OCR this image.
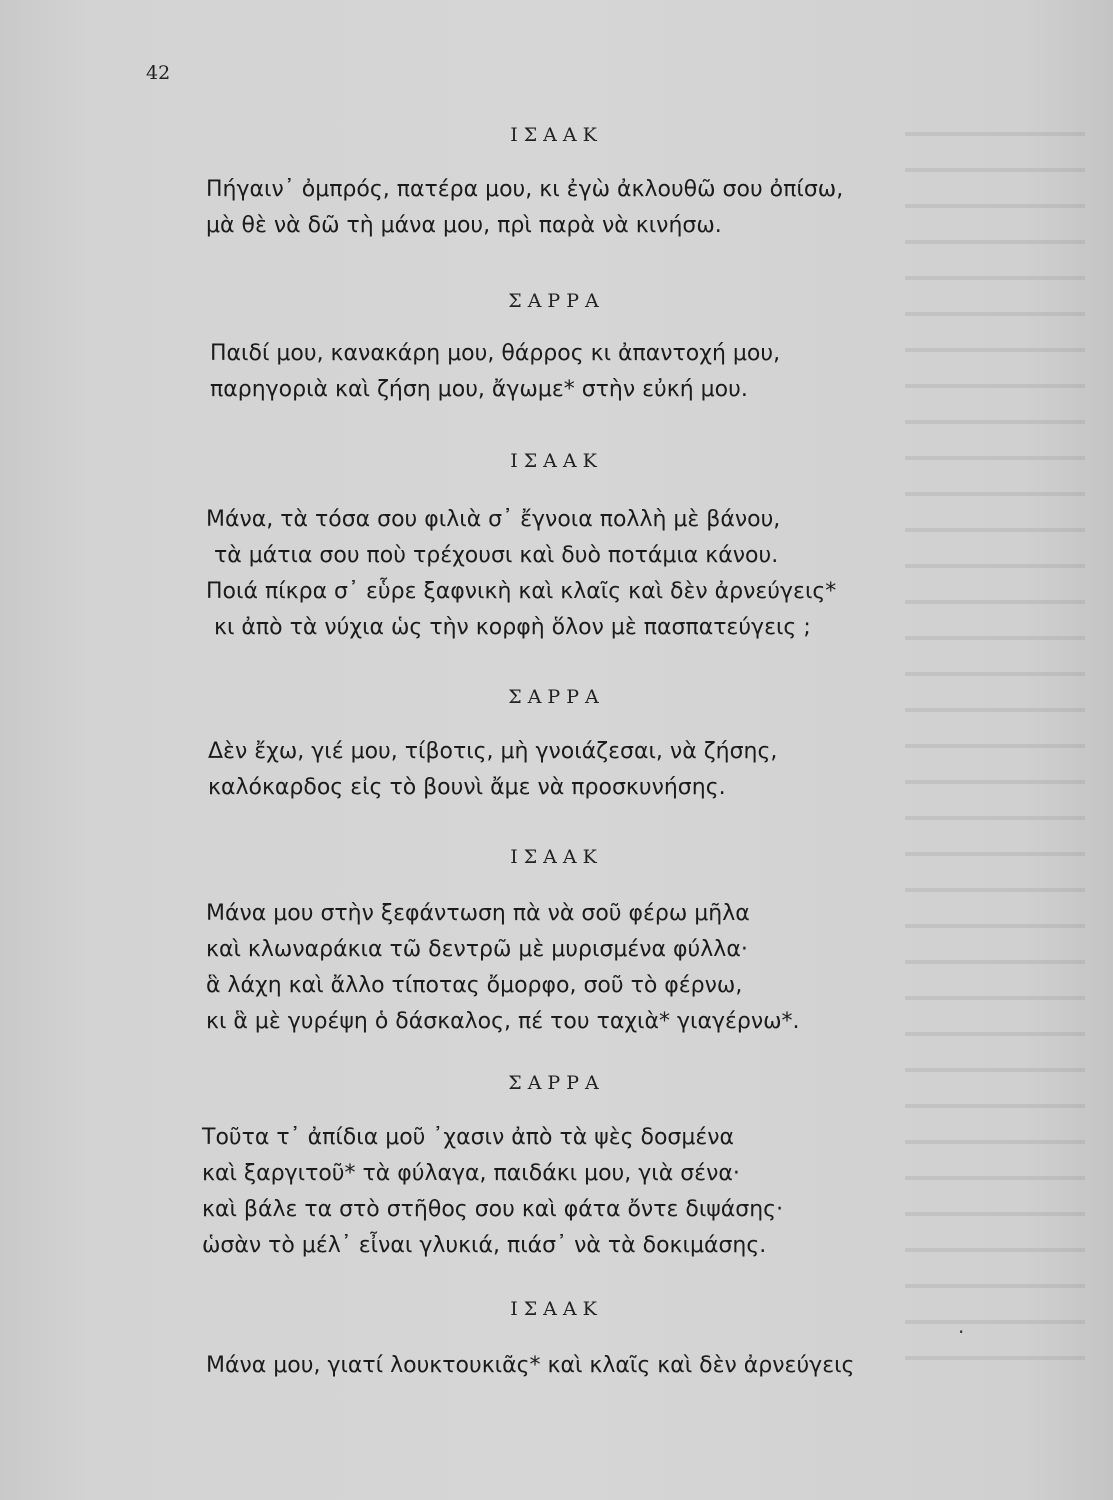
42
ΙΣΑΑΚ
Πήγαιν᾿ ὀμπρός, πατέρα μου, κι ἐγὼ ἀκλουθῶ σου ὀπίσω,
μὰ θὲ νὰ δῶ τὴ μάνα μου, πρὶ παρὰ νὰ κινήσω.
ΣΑΡΡΑ
Παιδί μου, κανακάρη μου, θάρρος κι ἀπαντοχή μου,
παρηγοριὰ καὶ ζήση μου, ἄγωμε* στὴν εὐκή μου.
ΙΣΑΑΚ
Μάνα, τὰ τόσα σου φιλιὰ σ᾿ ἔγνοια πολλὴ μὲ βάνου,
τὰ μάτια σου ποὺ τρέχουσι καὶ δυὸ ποτάμια κάνου.
Ποιά πίκρα σ᾿ εὗρε ξαφνικὴ καὶ κλαῖς καὶ δὲν ἀρνεύγεις*
κι ἀπὸ τὰ νύχια ὡς τὴν κορφὴ ὅλον μὲ πασπατεύγεις ;
ΣΑΡΡΑ
Δὲν ἔχω, γιέ μου, τίβοτις, μὴ γνοιάζεσαι, νὰ ζήσης,
καλόκαρδος εἰς τὸ βουνὶ ἄμε νὰ προσκυνήσης.
ΙΣΑΑΚ
Μάνα μου στὴν ξεφάντωση πὰ νὰ σοῦ φέρω μῆλα
καὶ κλωναράκια τῶ δεντρῶ μὲ μυρισμένα φύλλα·
ἃ λάχη καὶ ἄλλο τίποτας ὄμορφο, σοῦ τὸ φέρνω,
κι ἃ μὲ γυρέψη ὁ δάσκαλος, πέ του ταχιὰ* γιαγέρνω*.
ΣΑΡΡΑ
Τοῦτα τ᾿ ἀπίδια μοῦ ᾿χασιν ἀπὸ τὰ ψὲς δοσμένα
καὶ ξαργιτοῦ* τὰ φύλαγα, παιδάκι μου, γιὰ σένα·
καὶ βάλε τα στὸ στῆθος σου καὶ φάτα ὄντε διψάσης·
ὡσὰν τὸ μέλ᾿ εἶναι γλυκιά, πιάσ᾿ νὰ τὰ δοκιμάσης.
ΙΣΑΑΚ
Μάνα μου, γιατί λουκτουκιᾶς* καὶ κλαῖς καὶ δὲν ἀρνεύγεις
·
